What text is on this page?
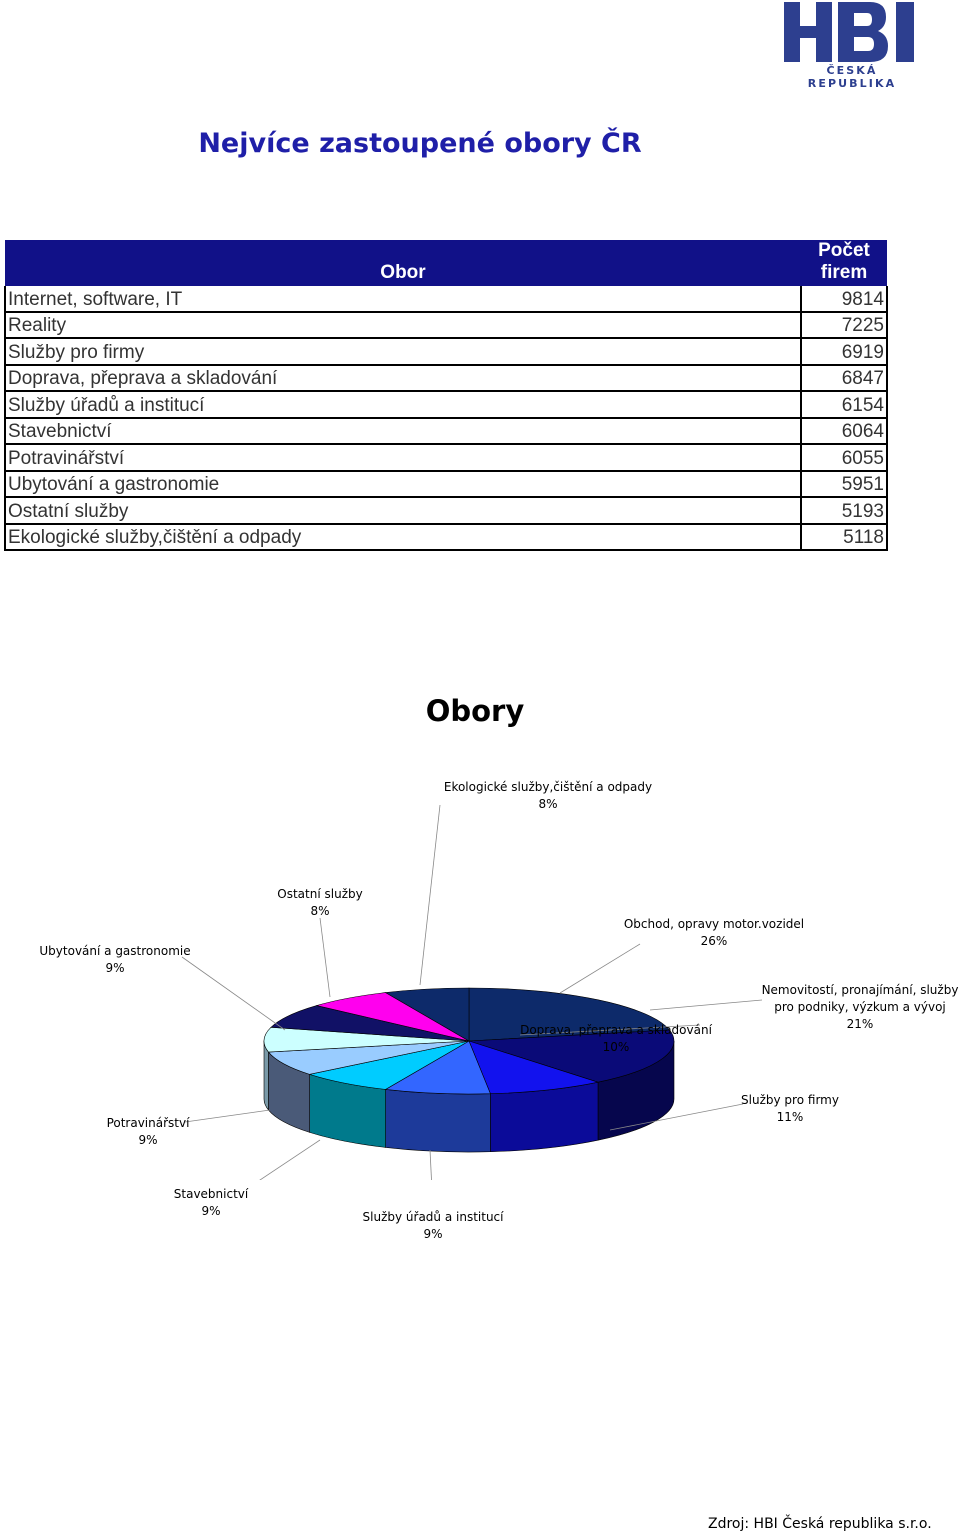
ČESKÁ REPUBLIKA
Nejvíce zastoupené obory ČR
Obor	Počet firem
Internet, software, IT	9814
Reality	7225
Služby pro firmy	6919
Doprava, přeprava a skladování	6847
Služby úřadů a institucí	6154
Stavebnictví	6064
Potravinářství	6055
Ubytování a gastronomie	5951
Ostatní služby	5193
Ekologické služby,čištění a odpady	5118
Obory
Obchod, opravy motor.vozidel
26%
Nemovitostí, pronajímání, služby pro podniky, výzkum a vývoj
21%
Služby pro firmy
11%
Doprava, přeprava a skladování
10%
Služby úřadů a institucí
9%
Stavebnictví
9%
Potravinářství
9%
Ubytování a gastronomie
9%
Ostatní služby
8%
Ekologické služby,čištění a odpady
8%
Zdroj: HBI Česká republika s.r.o.
